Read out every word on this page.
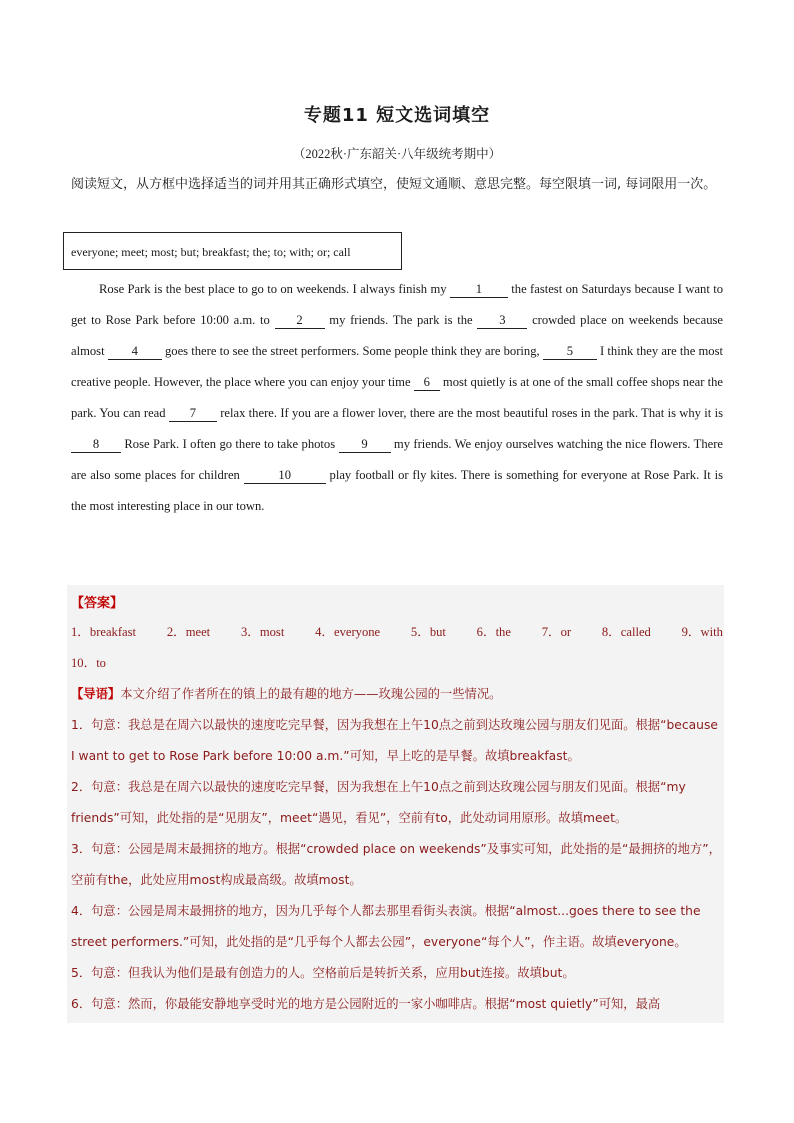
专题11 短文选词填空
（2022秋·广东韶关·八年级统考期中）
阅读短文，从方框中选择适当的词并用其正确形式填空，使短文通顺、意思完整。每空限填一词, 每词限用一次。
everyone; meet; most; but; breakfast; the; to; with; or; call
Rose Park is the best place to go to on weekends. I always finish my 1 the fastest on Saturdays because I want to get to Rose Park before 10:00 a.m. to 2 my friends. The park is the 3 crowded place on weekends because almost 4 goes there to see the street performers. Some people think they are boring, 5 I think they are the most creative people. However, the place where you can enjoy your time 6 most quietly is at one of the small coffee shops near the park. You can read 7 relax there. If you are a flower lover, there are the most beautiful roses in the park. That is why it is 8 Rose Park. I often go there to take photos 9 my friends. We enjoy ourselves watching the nice flowers. There are also some places for children	10	play football or fly kites. There is something for everyone at Rose Park. It is the most interesting place in our town.
【答案】
1．breakfast 2．meet 3．most 4．everyone 5．but 6．the 7．or 8．called 9．with
10．to

【导语】本文介绍了作者所在的镇上的最有趣的地方——玫瑰公园的一些情况。

1．句意：我总是在周六以最快的速度吃完早餐，因为我想在上午10点之前到达玫瑰公园与朋友们见面。根据“because I want to get to Rose Park before 10:00 a.m.”可知，早上吃的是早餐。故填breakfast。

2．句意：我总是在周六以最快的速度吃完早餐，因为我想在上午10点之前到达玫瑰公园与朋友们见面。根据“my friends”可知，此处指的是“见朋友”，meet“遇见，看见”，空前有to，此处动词用原形。故填meet。

3．句意：公园是周末最拥挤的地方。根据“crowded place on weekends”及事实可知，此处指的是“最拥挤的地方”，空前有the，此处应用most构成最高级。故填most。

4．句意：公园是周末最拥挤的地方，因为几乎每个人都去那里看街头表演。根据“almost...goes there to see the street performers.”可知，此处指的是“几乎每个人都去公园”，everyone“每个人”，作主语。故填everyone。

5．句意：但我认为他们是最有创造力的人。空格前后是转折关系，应用but连接。故填but。

6．句意：然而，你最能安静地享受时光的地方是公园附近的一家小咖啡店。根据“most quietly”可知，最高
